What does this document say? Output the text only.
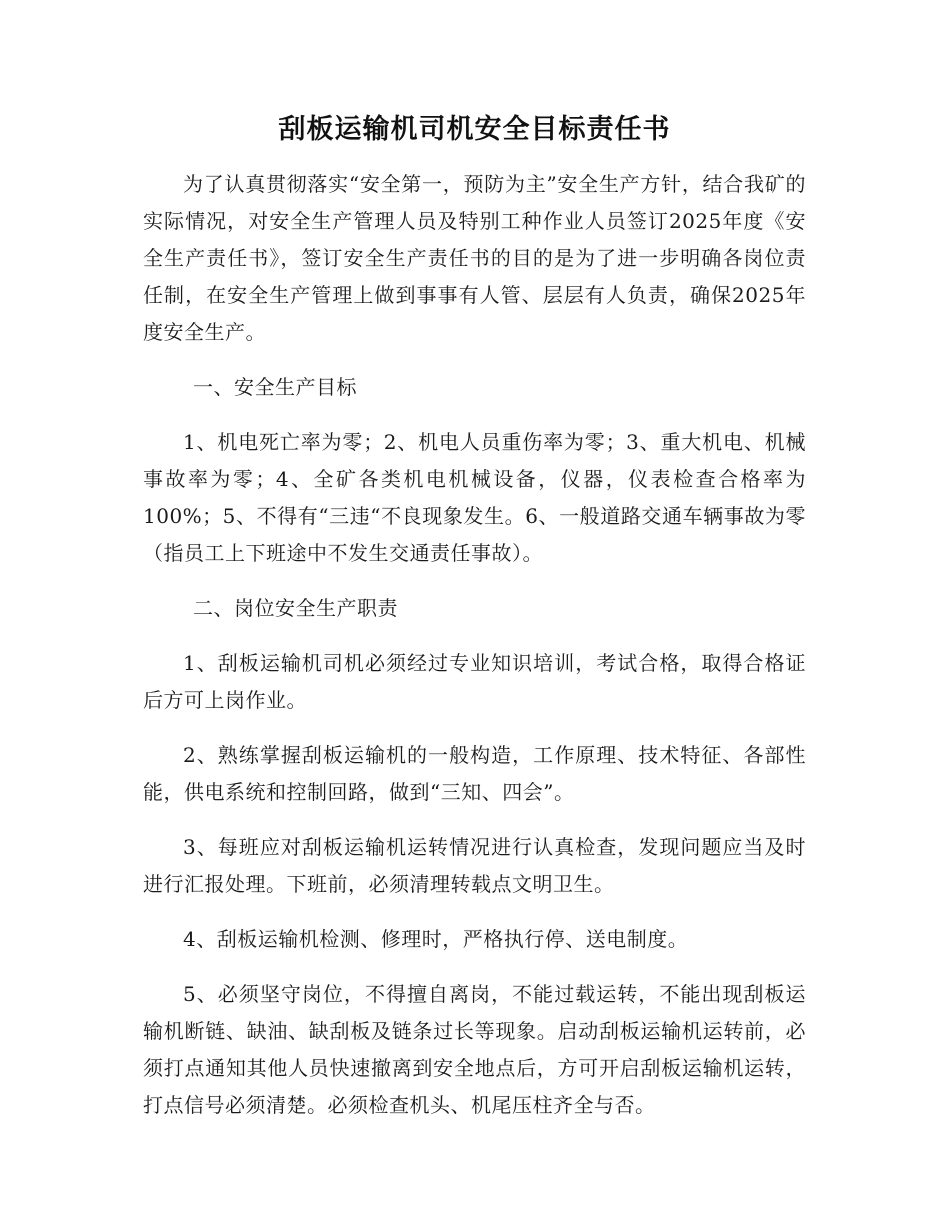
刮板运输机司机安全目标责任书

为了认真贯彻落实“安全第一，预防为主”安全生产方针，结合我矿的实际情况，对安全生产管理人员及特别工种作业人员签订2025年度《安全生产责任书》，签订安全生产责任书的目的是为了进一步明确各岗位责任制，在安全生产管理上做到事事有人管、层层有人负责，确保2025年度安全生产。

一、安全生产目标

1、机电死亡率为零；2、机电人员重伤率为零；3、重大机电、机械事故率为零；4、全矿各类机电机械设备，仪器，仪表检查合格率为100%；5、不得有“三违“不良现象发生。6、一般道路交通车辆事故为零（指员工上下班途中不发生交通责任事故）。

二、岗位安全生产职责

1、刮板运输机司机必须经过专业知识培训，考试合格，取得合格证后方可上岗作业。

2、熟练掌握刮板运输机的一般构造，工作原理、技术特征、各部性能，供电系统和控制回路，做到“三知、四会”。

3、每班应对刮板运输机运转情况进行认真检查，发现问题应当及时进行汇报处理。下班前，必须清理转载点文明卫生。

4、刮板运输机检测、修理时，严格执行停、送电制度。

5、必须坚守岗位，不得擅自离岗，不能过载运转，不能出现刮板运输机断链、缺油、缺刮板及链条过长等现象。启动刮板运输机运转前，必须打点通知其他人员快速撤离到安全地点后，方可开启刮板运输机运转，打点信号必须清楚。必须检查机头、机尾压柱齐全与否。
